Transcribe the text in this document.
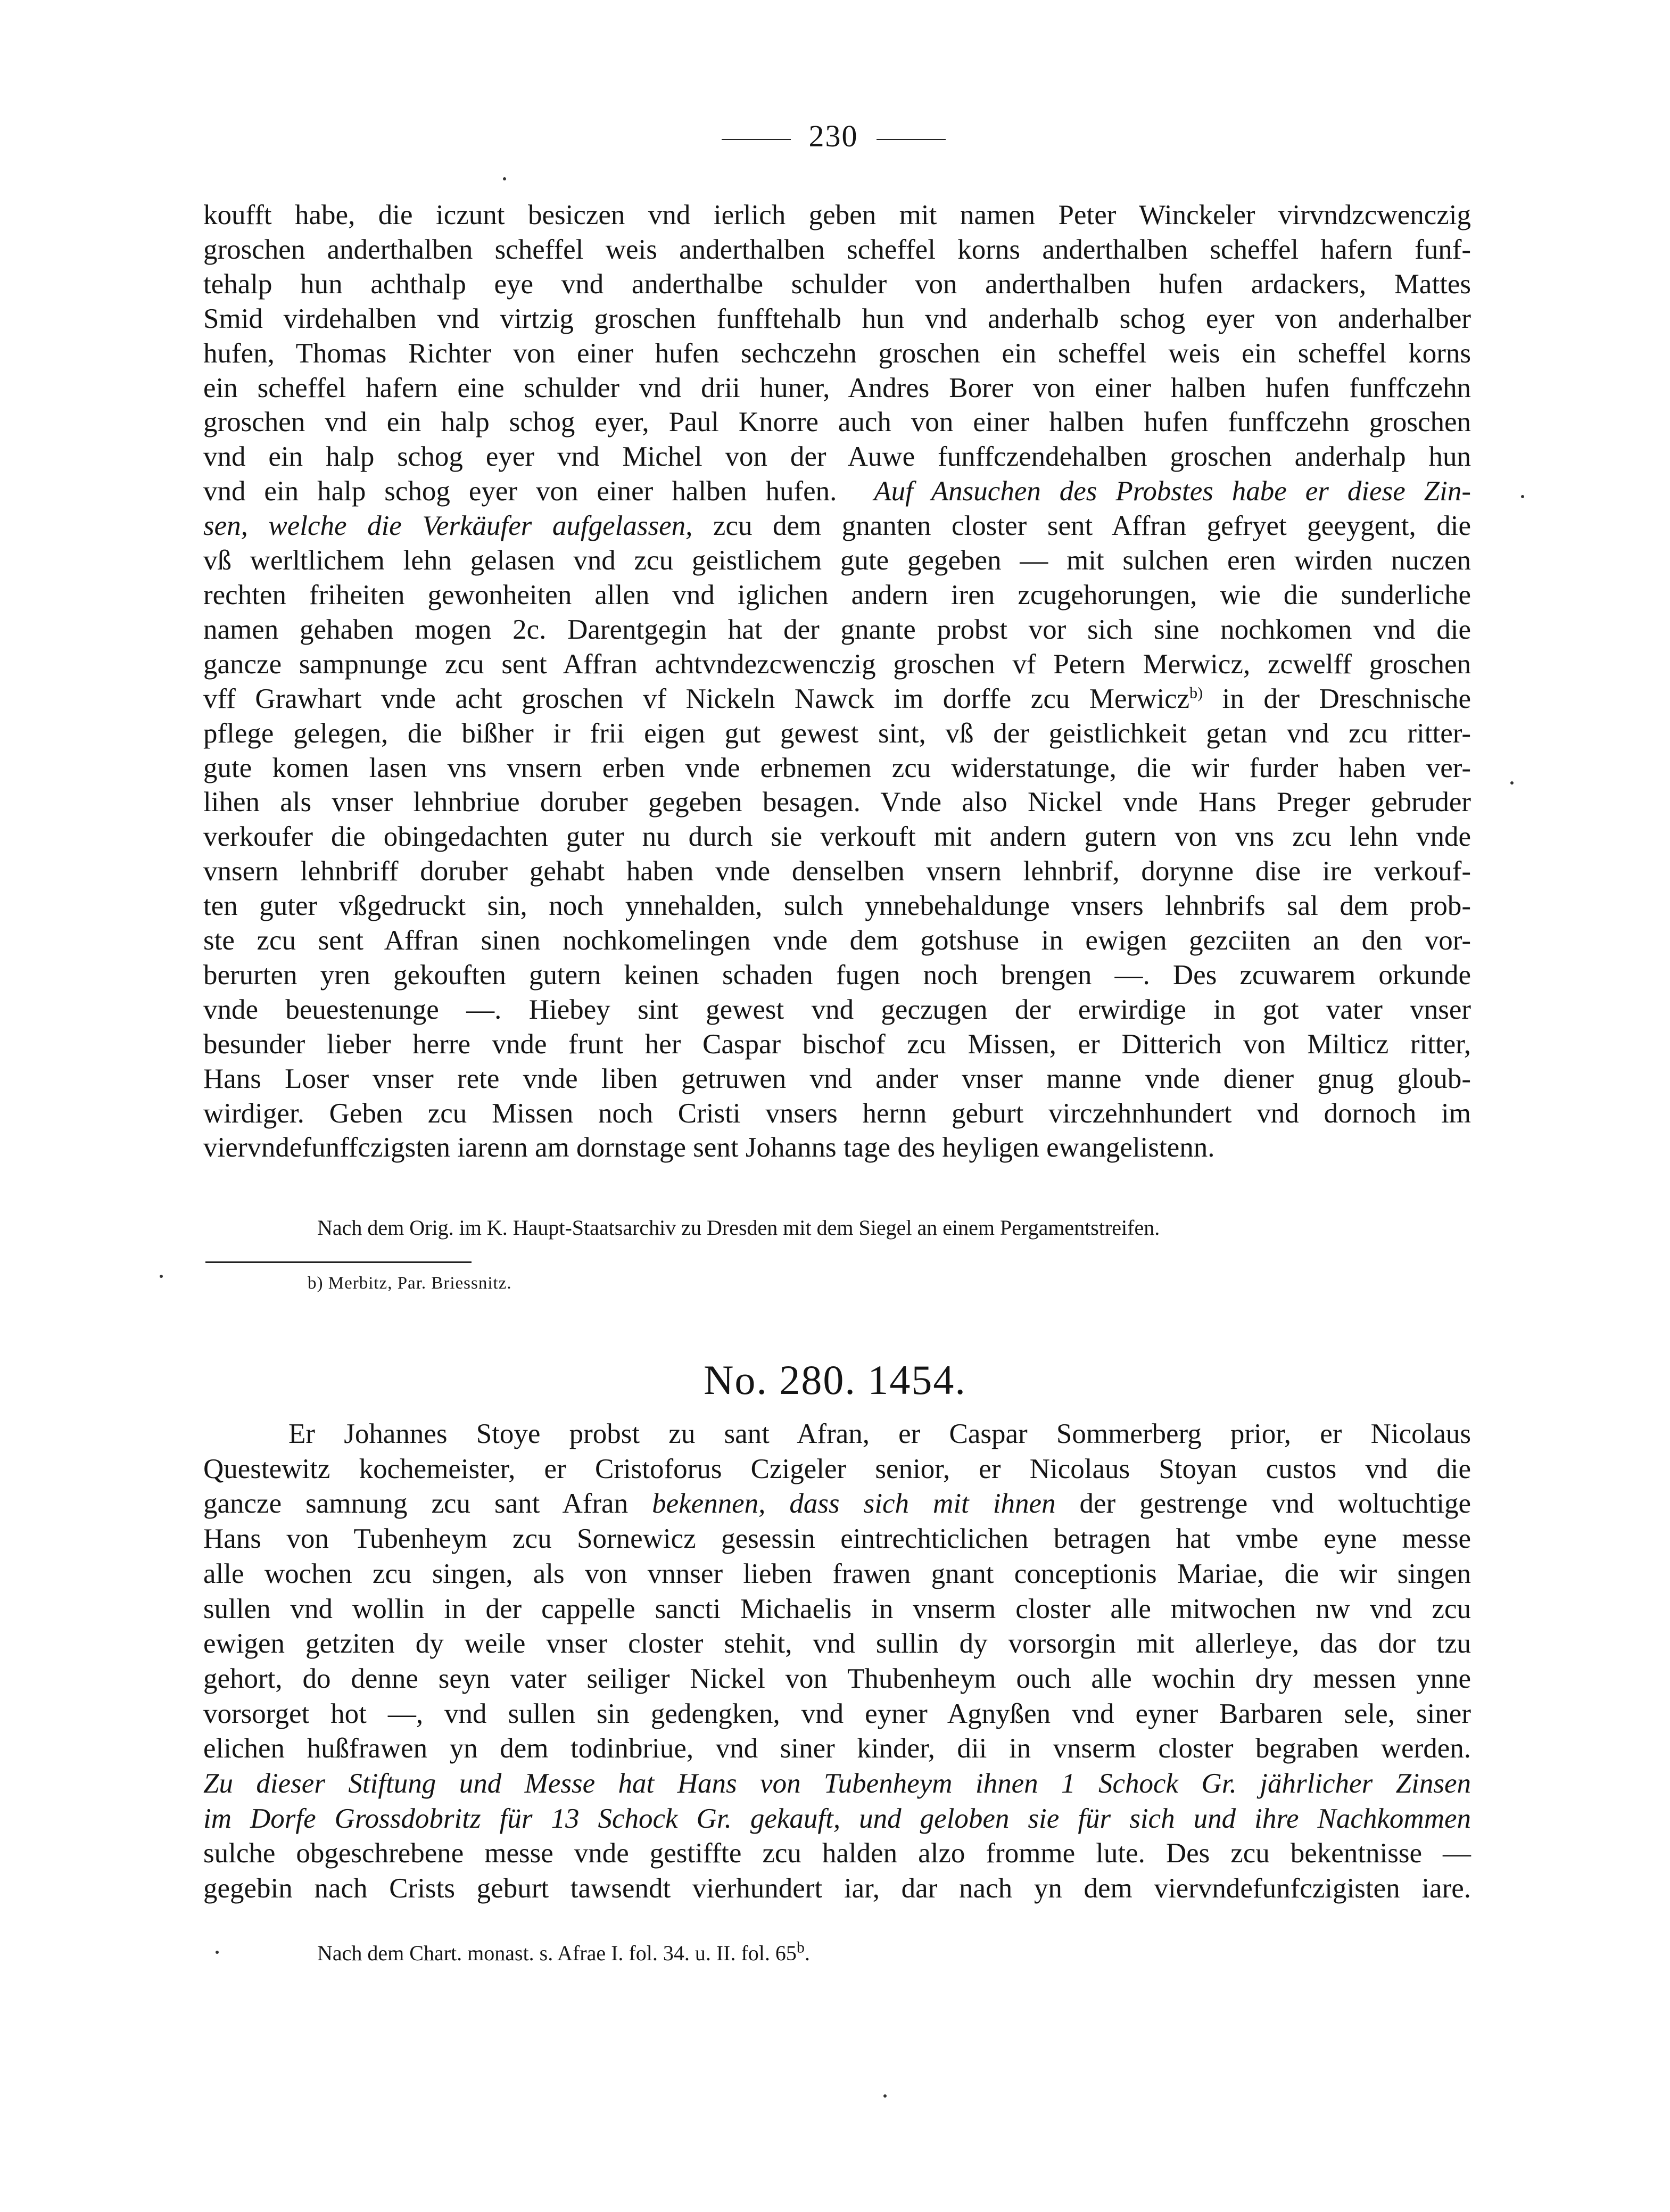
230
koufft habe, die iczunt besiczen vnd ierlich geben mit namen Peter Winckeler virvndzcwenczig
groschen anderthalben scheffel weis anderthalben scheffel korns anderthalben scheffel hafern funf-
tehalp hun achthalp eye vnd anderthalbe schulder von anderthalben hufen ardackers, Mattes
Smid virdehalben vnd virtzig groschen funfftehalb hun vnd anderhalb schog eyer von anderhalber
hufen, Thomas Richter von einer hufen sechczehn groschen ein scheffel weis ein scheffel korns
ein scheffel hafern eine schulder vnd drii huner, Andres Borer von einer halben hufen funffczehn
groschen vnd ein halp schog eyer, Paul Knorre auch von einer halben hufen funffczehn groschen
vnd ein halp schog eyer vnd Michel von der Auwe funffczendehalben groschen anderhalp hun
vnd ein halp schog eyer von einer halben hufen. Auf Ansuchen des Probstes habe er diese Zin-
sen, welche die Verkäufer aufgelassen, zcu dem gnanten closter sent Affran gefryet geeygent, die
vß werltlichem lehn gelasen vnd zcu geistlichem gute gegeben — mit sulchen eren wirden nuczen
rechten friheiten gewonheiten allen vnd iglichen andern iren zcugehorungen, wie die sunderliche
namen gehaben mogen 2c. Darentgegin hat der gnante probst vor sich sine nochkomen vnd die
gancze sampnunge zcu sent Affran achtvndezcwenczig groschen vf Petern Merwicz, zcwelff groschen
vff Grawhart vnde acht groschen vf Nickeln Nawck im dorffe zcu Merwicz$^{b)}$ in der Dreschnische
pflege gelegen, die bißher ir frii eigen gut gewest sint, vß der geistlichkeit getan vnd zcu ritter-
gute komen lasen vns vnsern erben vnde erbnemen zcu widerstatunge, die wir furder haben ver-
lihen als vnser lehnbriue doruber gegeben besagen. Vnde also Nickel vnde Hans Preger gebruder
verkoufer die obingedachten guter nu durch sie verkouft mit andern gutern von vns zcu lehn vnde
vnsern lehnbriff doruber gehabt haben vnde denselben vnsern lehnbrif, dorynne dise ire verkouf-
ten guter vßgedruckt sin, noch ynnehalden, sulch ynnebehaldunge vnsers lehnbrifs sal dem prob-
ste zcu sent Affran sinen nochkomelingen vnde dem gotshuse in ewigen gezciiten an den vor-
berurten yren gekouften gutern keinen schaden fugen noch brengen —. Des zcuwarem orkunde
vnde beuestenunge —. Hiebey sint gewest vnd geczugen der erwirdige in got vater vnser
besunder lieber herre vnde frunt her Caspar bischof zcu Missen, er Ditterich von Milticz ritter,
Hans Loser vnser rete vnde liben getruwen vnd ander vnser manne vnde diener gnug gloub-
wirdiger. Geben zcu Missen noch Cristi vnsers hernn geburt virczehnhundert vnd dornoch im
viervndefunffczigsten iarenn am dornstage sent Johanns tage des heyligen ewangelistenn.
Nach dem Orig. im K. Haupt-Staatsarchiv zu Dresden mit dem Siegel an einem Pergamentstreifen.
b) Merbitz, Par. Briessnitz.
No. 280. 1454.
Er Johannes Stoye probst zu sant Afran, er Caspar Sommerberg prior, er Nicolaus
Questewitz kochemeister, er Cristoforus Czigeler senior, er Nicolaus Stoyan custos vnd die
gancze samnung zcu sant Afran bekennen, dass sich mit ihnen der gestrenge vnd woltuchtige
Hans von Tubenheym zcu Sornewicz gesessin eintrechticlichen betragen hat vmbe eyne messe
alle wochen zcu singen, als von vnnser lieben frawen gnant conceptionis Mariae, die wir singen
sullen vnd wollin in der cappelle sancti Michaelis in vnserm closter alle mitwochen nw vnd zcu
ewigen getziten dy weile vnser closter stehit, vnd sullin dy vorsorgin mit allerleye, das dor tzu
gehort, do denne seyn vater seiliger Nickel von Thubenheym ouch alle wochin dry messen ynne
vorsorget hot —, vnd sullen sin gedengken, vnd eyner Agnyßen vnd eyner Barbaren sele, siner
elichen hußfrawen yn dem todinbriue, vnd siner kinder, dii in vnserm closter begraben werden.
Zu dieser Stiftung und Messe hat Hans von Tubenheym ihnen 1 Schock Gr. jährlicher Zinsen
im Dorfe Grossdobritz für 13 Schock Gr. gekauft, und geloben sie für sich und ihre Nachkommen
sulche obgeschrebene messe vnde gestiffte zcu halden alzo fromme lute. Des zcu bekentnisse —
gegebin nach Crists geburt tawsendt vierhundert iar, dar nach yn dem viervndefunfczigisten iare.
Nach dem Chart. monast. s. Afrae I. fol. 34. u. II. fol. 65$^b$.
